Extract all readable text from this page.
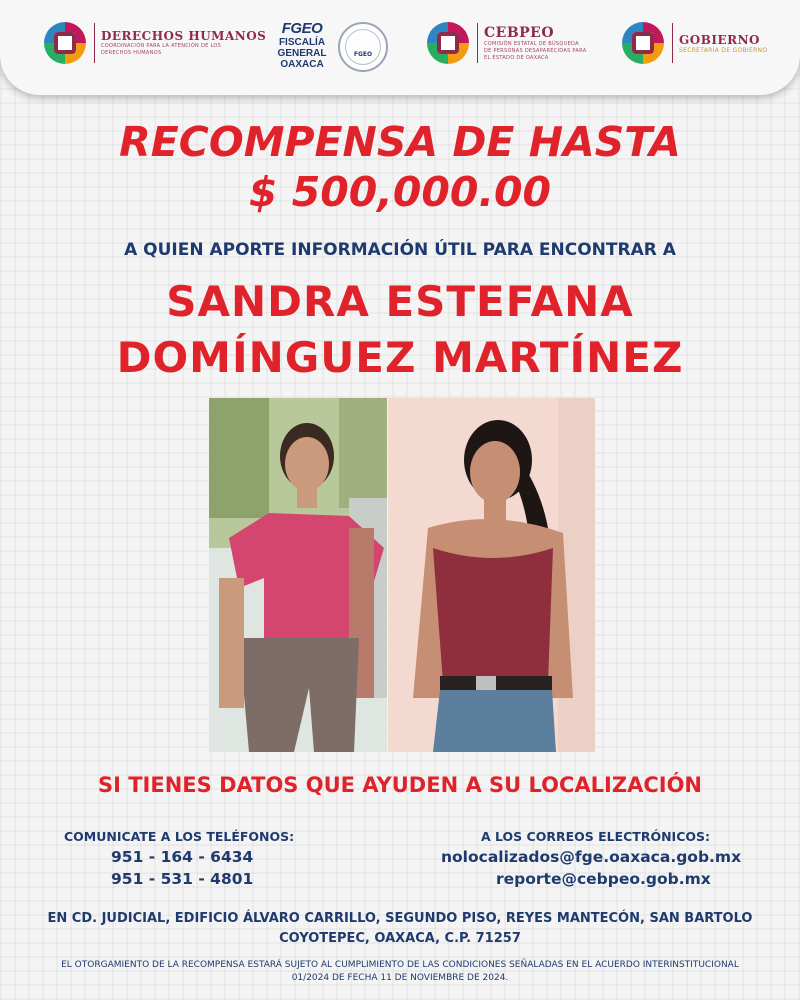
DERECHOS HUMANOS
COORDINACIÓN PARA LA ATENCIÓN DE LOS DERECHOS HUMANOS
FGEO
FISCALÍA
GENERAL
OAXACA
FGEO
CEBPEO
COMISIÓN ESTATAL DE BÚSQUEDA
DE PERSONAS DESAPARECIDAS PARA
EL ESTADO DE OAXACA
GOBIERNO
SECRETARÍA DE GOBIERNO
RECOMPENSA DE HASTA
$ 500,000.00
A QUIEN APORTE INFORMACIÓN ÚTIL PARA ENCONTRAR A
SANDRA ESTEFANA
DOMÍNGUEZ MARTÍNEZ
SI TIENES DATOS QUE AYUDEN A SU LOCALIZACIÓN
COMUNICATE A LOS TELÉFONOS:
951 - 164 - 6434
951 - 531 - 4801
A LOS CORREOS ELECTRÓNICOS:
nolocalizados@fge.oaxaca.gob.mx
reporte@cebpeo.gob.mx
EN CD. JUDICIAL, EDIFICIO ÁLVARO CARRILLO, SEGUNDO PISO, REYES MANTECÓN, SAN BARTOLO
COYOTEPEC, OAXACA, C.P. 71257
EL OTORGAMIENTO DE LA RECOMPENSA ESTARÁ SUJETO AL CUMPLIMIENTO DE LAS CONDICIONES SEÑALADAS EN EL ACUERDO INTERINSTITUCIONAL
01/2024 DE FECHA 11 DE NOVIEMBRE DE 2024.
